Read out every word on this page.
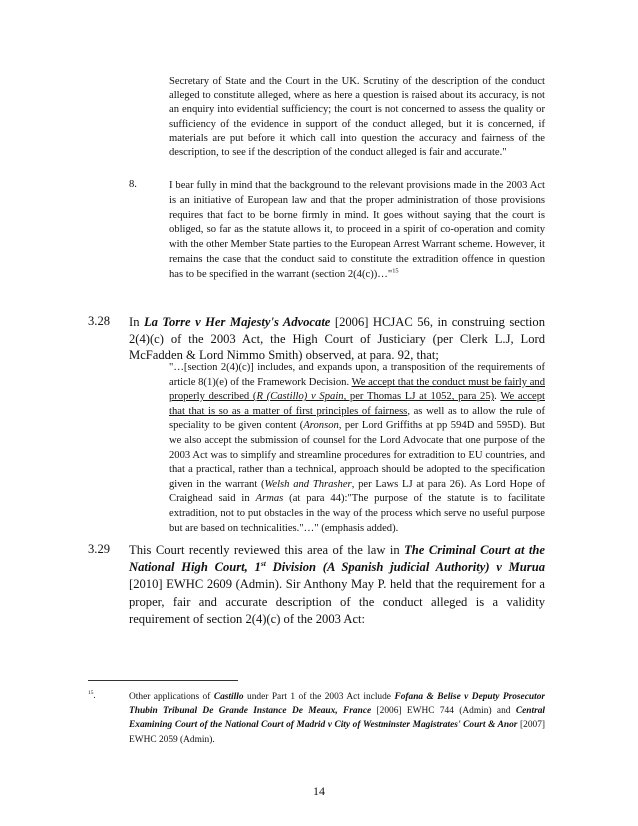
Secretary of State and the Court in the UK. Scrutiny of the description of the conduct alleged to constitute alleged, where as here a question is raised about its accuracy, is not an enquiry into evidential sufficiency; the court is not concerned to assess the quality or sufficiency of the evidence in support of the conduct alleged, but it is concerned, if materials are put before it which call into question the accuracy and fairness of the description, to see if the description of the conduct alleged is fair and accurate."
8.	I bear fully in mind that the background to the relevant provisions made in the 2003 Act is an initiative of European law and that the proper administration of those provisions requires that fact to be borne firmly in mind. It goes without saying that the court is obliged, so far as the statute allows it, to proceed in a spirit of co-operation and comity with the other Member State parties to the European Arrest Warrant scheme. However, it remains the case that the conduct said to constitute the extradition offence in question has to be specified in the warrant (section 2(4(c))…"$^{15}$
3.28 In La Torre v Her Majesty's Advocate [2006] HCJAC 56, in construing section 2(4)(c) of the 2003 Act, the High Court of Justiciary (per Clerk L.J, Lord McFadden & Lord Nimmo Smith) observed, at para. 92, that;
"…[section 2(4)(c)] includes, and expands upon, a transposition of the requirements of article 8(1)(e) of the Framework Decision. We accept that the conduct must be fairly and properly described (R (Castillo) v Spain, per Thomas LJ at 1052, para 25). We accept that that is so as a matter of first principles of fairness, as well as to allow the rule of speciality to be given content (Aronson, per Lord Griffiths at pp 594D and 595D). But we also accept the submission of counsel for the Lord Advocate that one purpose of the 2003 Act was to simplify and streamline procedures for extradition to EU countries, and that a practical, rather than a technical, approach should be adopted to the specification given in the warrant (Welsh and Thrasher, per Laws LJ at para 26). As Lord Hope of Craighead said in Armas (at para 44):"The purpose of the statute is to facilitate extradition, not to put obstacles in the way of the process which serve no useful purpose but are based on technicalities."…" (emphasis added).
3.29 This Court recently reviewed this area of the law in The Criminal Court at the National High Court, 1st Division (A Spanish judicial Authority) v Murua [2010] EWHC 2609 (Admin). Sir Anthony May P. held that the requirement for a proper, fair and accurate description of the conduct alleged is a validity requirement of section 2(4)(c) of the 2003 Act:
$^{15}$.	Other applications of Castillo under Part 1 of the 2003 Act include Fofana & Belise v Deputy Prosecutor Thubin Tribunal De Grande Instance De Meaux, France [2006] EWHC 744 (Admin) and Central Examining Court of the National Court of Madrid v City of Westminster Magistrates' Court & Anor [2007] EWHC 2059 (Admin).
14
